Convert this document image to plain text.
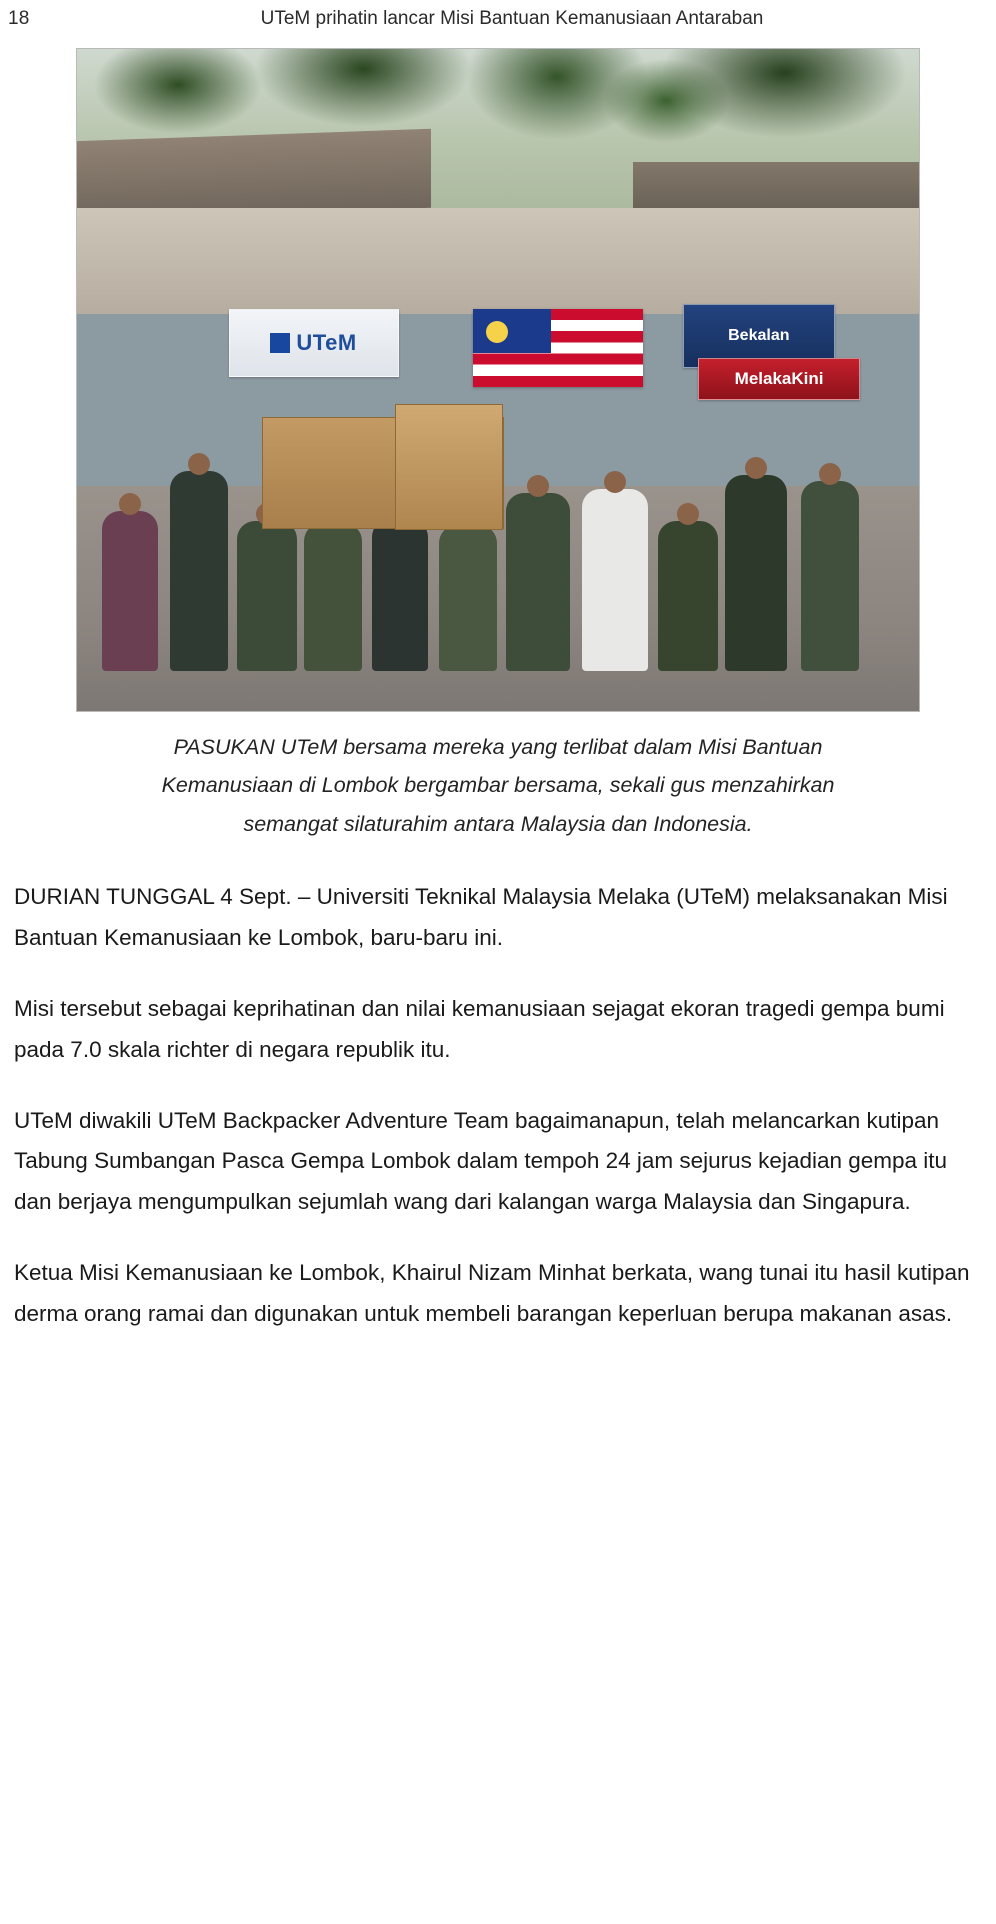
18	UTeM prihatin lancar Misi Bantuan Kemanusiaan Antaraban
UTeM	Bekalan
MelakaKini
PASUKAN UTeM bersama mereka yang terlibat dalam Misi Bantuan Kemanusiaan di Lombok bergambar bersama, sekali gus menzahirkan semangat silaturahim antara Malaysia dan Indonesia.

DURIAN TUNGGAL 4 Sept. – Universiti Teknikal Malaysia Melaka (UTeM) melaksanakan Misi Bantuan Kemanusiaan ke Lombok, baru-baru ini.

Misi tersebut sebagai keprihatinan dan nilai kemanusiaan sejagat ekoran tragedi gempa bumi pada 7.0 skala richter di negara republik itu.

UTeM diwakili UTeM Backpacker Adventure Team bagaimanapun, telah melancarkan kutipan Tabung Sumbangan Pasca Gempa Lombok dalam tempoh 24 jam sejurus kejadian gempa itu dan berjaya mengumpulkan sejumlah wang dari kalangan warga Malaysia dan Singapura.

Ketua Misi Kemanusiaan ke Lombok, Khairul Nizam Minhat berkata, wang tunai itu hasil kutipan derma orang ramai dan digunakan untuk membeli barangan keperluan berupa makanan asas.
